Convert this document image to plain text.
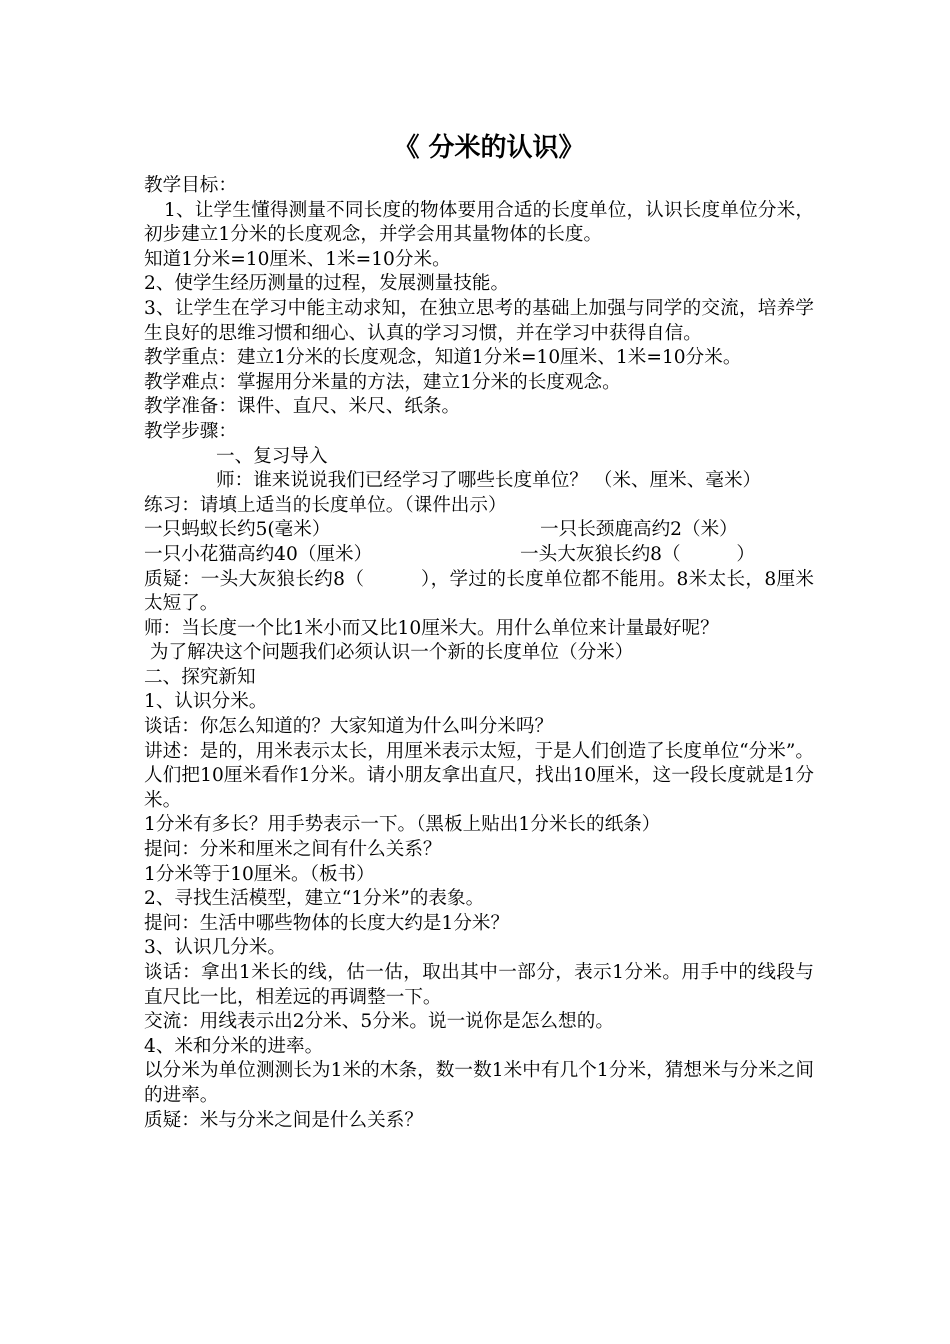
《 分米的认识》
教学目标：
1、让学生懂得测量不同长度的物体要用合适的长度单位，认识长度单位分米，初步建立1分米的长度观念，并学会用其量物体的长度。
知道1分米=10厘米、1米=10分米。
2、使学生经历测量的过程，发展测量技能。
3、让学生在学习中能主动求知，在独立思考的基础上加强与同学的交流，培养学生良好的思维习惯和细心、认真的学习习惯，并在学习中获得自信。
教学重点：建立1分米的长度观念，知道1分米=10厘米、1米=10分米。
教学难点：掌握用分米量的方法，建立1分米的长度观念。
教学准备：课件、直尺、米尺、纸条。
教学步骤：
一、复习导入
师：谁来说说我们已经学习了哪些长度单位？ （米、厘米、毫米）
练习：请填上适当的长度单位。（课件出示）
一只蚂蚁长约5(毫米）	一只长颈鹿高约2（米）
一只小花猫高约40（厘米）	一头大灰狼长约8（　　　）
质疑：一头大灰狼长约8（　　　），学过的长度单位都不能用。8米太长，8厘米太短了。
师：当长度一个比1米小而又比10厘米大。用什么单位来计量最好呢？
为了解决这个问题我们必须认识一个新的长度单位（分米）
二、探究新知
1、认识分米。
谈话：你怎么知道的？大家知道为什么叫分米吗？
讲述：是的，用米表示太长，用厘米表示太短，于是人们创造了长度单位“分米”。人们把10厘米看作1分米。请小朋友拿出直尺，找出10厘米，这一段长度就是1分米。
1分米有多长？用手势表示一下。（黑板上贴出1分米长的纸条）
提问：分米和厘米之间有什么关系？
1分米等于10厘米。（板书）
2、寻找生活模型，建立“1分米”的表象。
提问：生活中哪些物体的长度大约是1分米？
3、认识几分米。
谈话：拿出1米长的线，估一估，取出其中一部分，表示1分米。用手中的线段与直尺比一比，相差远的再调整一下。
交流：用线表示出2分米、5分米。说一说你是怎么想的。
4、米和分米的进率。
以分米为单位测测长为1米的木条，数一数1米中有几个1分米，猜想米与分米之间的进率。
质疑：米与分米之间是什么关系？
